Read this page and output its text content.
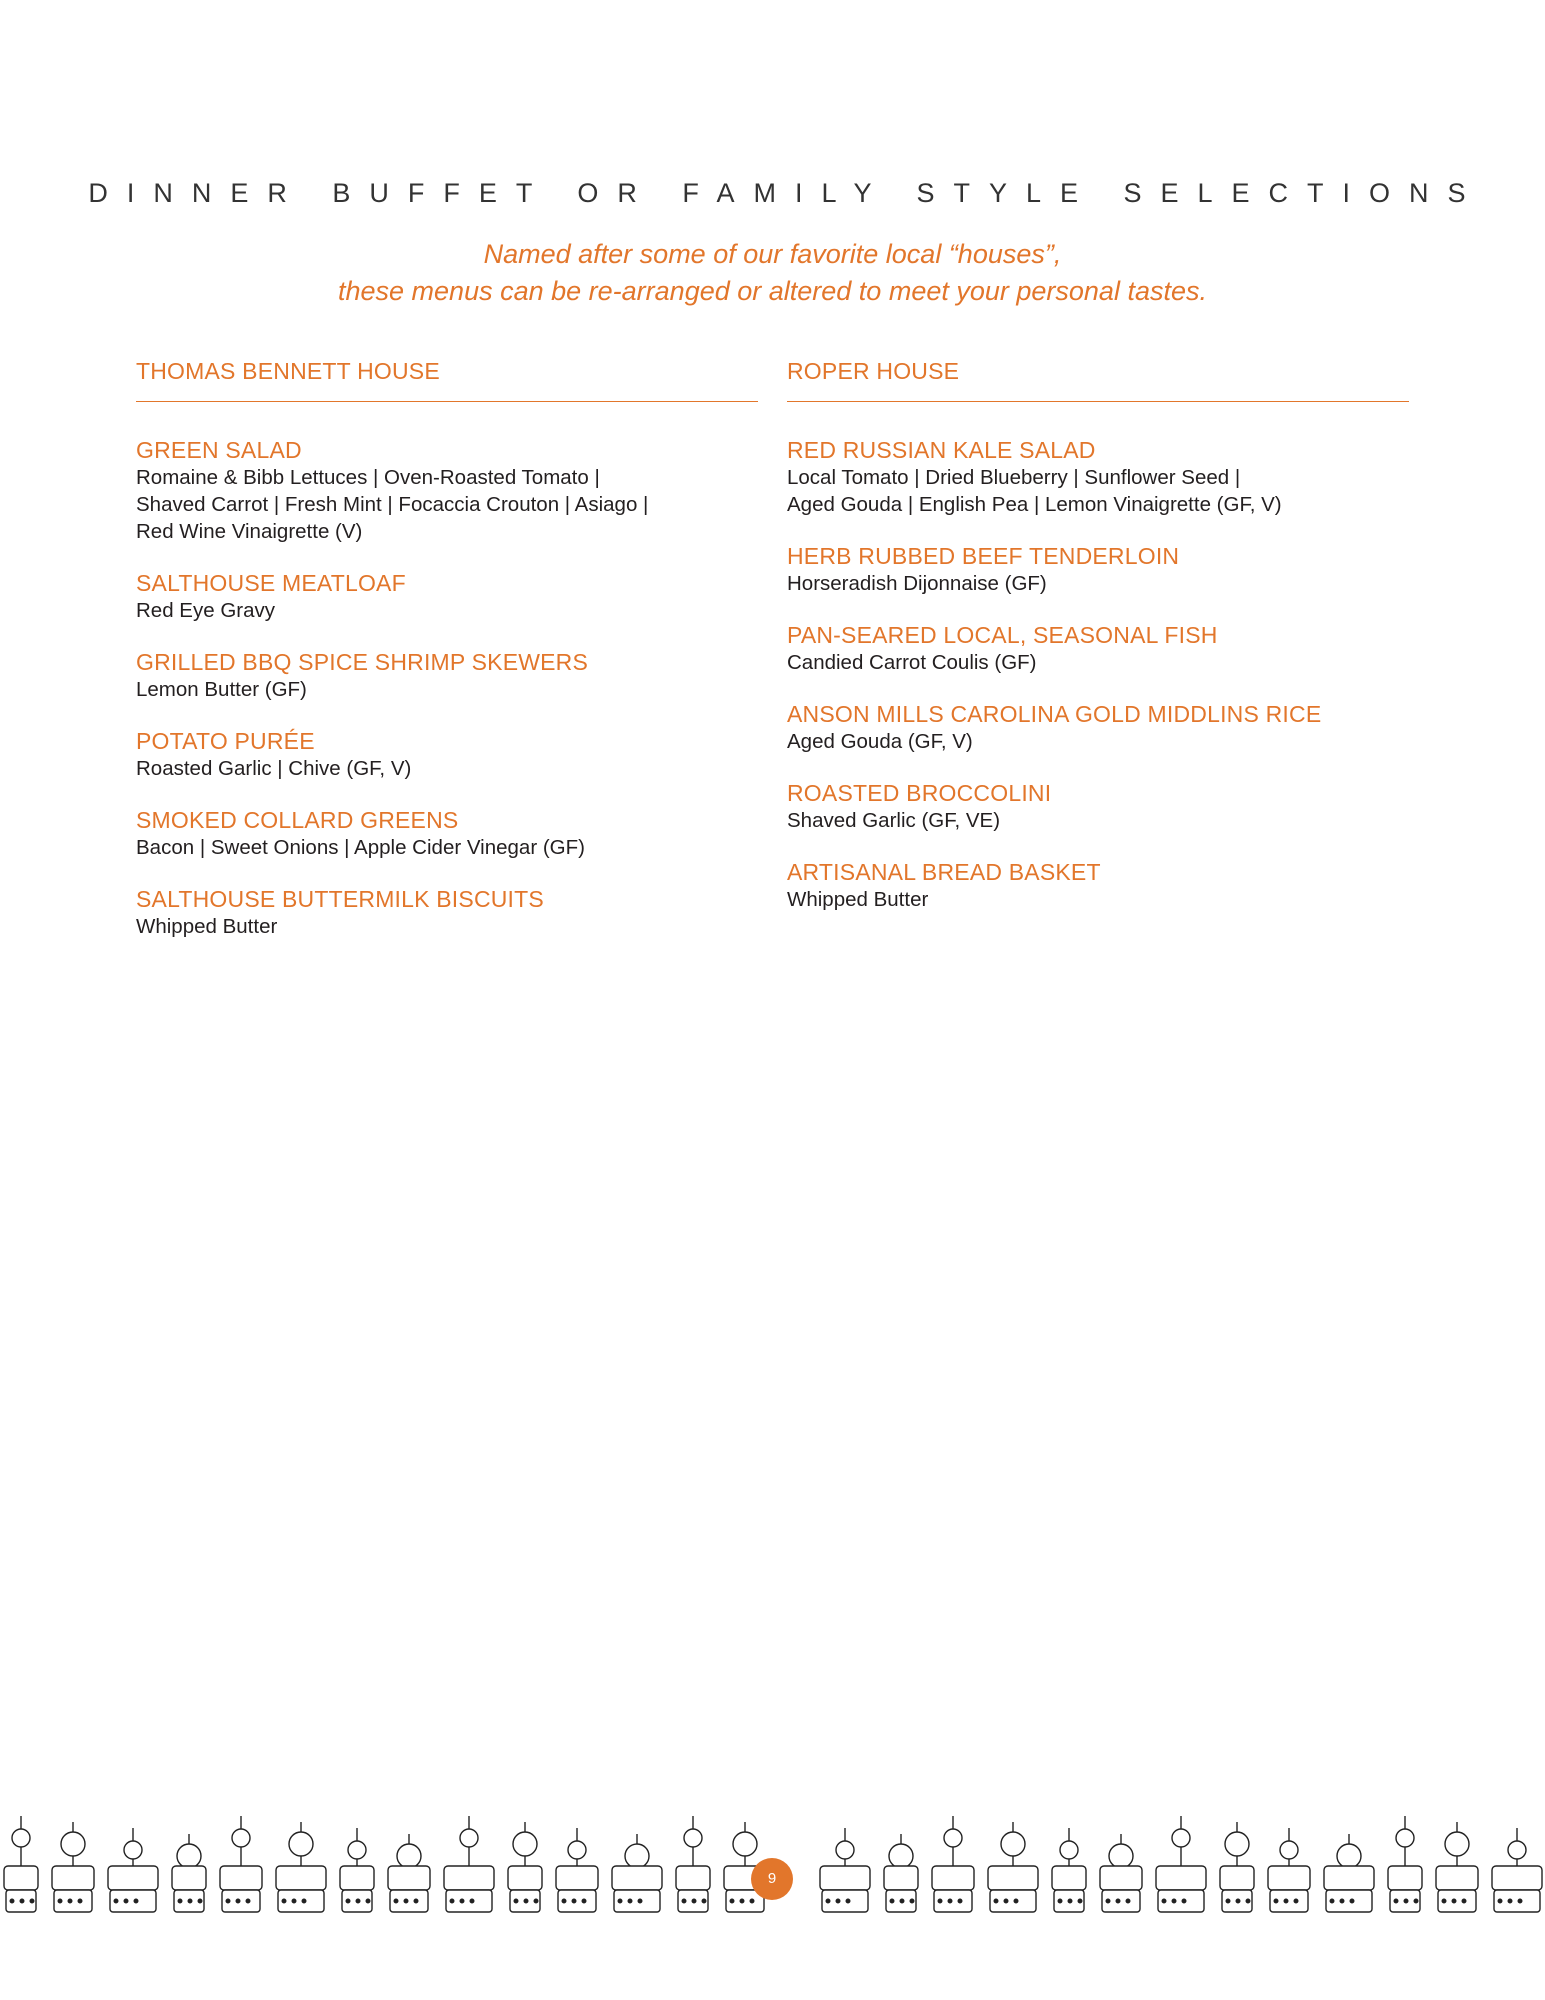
DINNER BUFFET OR FAMILY STYLE SELECTIONS
Named after some of our favorite local “houses”,
these menus can be re-arranged or altered to meet your personal tastes.
THOMAS BENNETT HOUSE
GREEN SALAD
Romaine & Bibb Lettuces | Oven-Roasted Tomato |
Shaved Carrot | Fresh Mint | Focaccia Crouton | Asiago |
Red Wine Vinaigrette (V)
SALTHOUSE MEATLOAF
Red Eye Gravy
GRILLED BBQ SPICE SHRIMP SKEWERS
Lemon Butter (GF)
POTATO PURÉE
Roasted Garlic | Chive (GF, V)
SMOKED COLLARD GREENS
Bacon | Sweet Onions | Apple Cider Vinegar (GF)
SALTHOUSE BUTTERMILK BISCUITS
Whipped Butter
ROPER HOUSE
RED RUSSIAN KALE SALAD
Local Tomato | Dried Blueberry | Sunflower Seed |
Aged Gouda | English Pea | Lemon Vinaigrette (GF, V)
HERB RUBBED BEEF TENDERLOIN
Horseradish Dijonnaise (GF)
PAN-SEARED LOCAL, SEASONAL FISH
Candied Carrot Coulis (GF)
ANSON MILLS CAROLINA GOLD MIDDLINS RICE
Aged Gouda (GF, V)
ROASTED BROCCOLINI
Shaved Garlic (GF, VE)
ARTISANAL BREAD BASKET
Whipped Butter
9
